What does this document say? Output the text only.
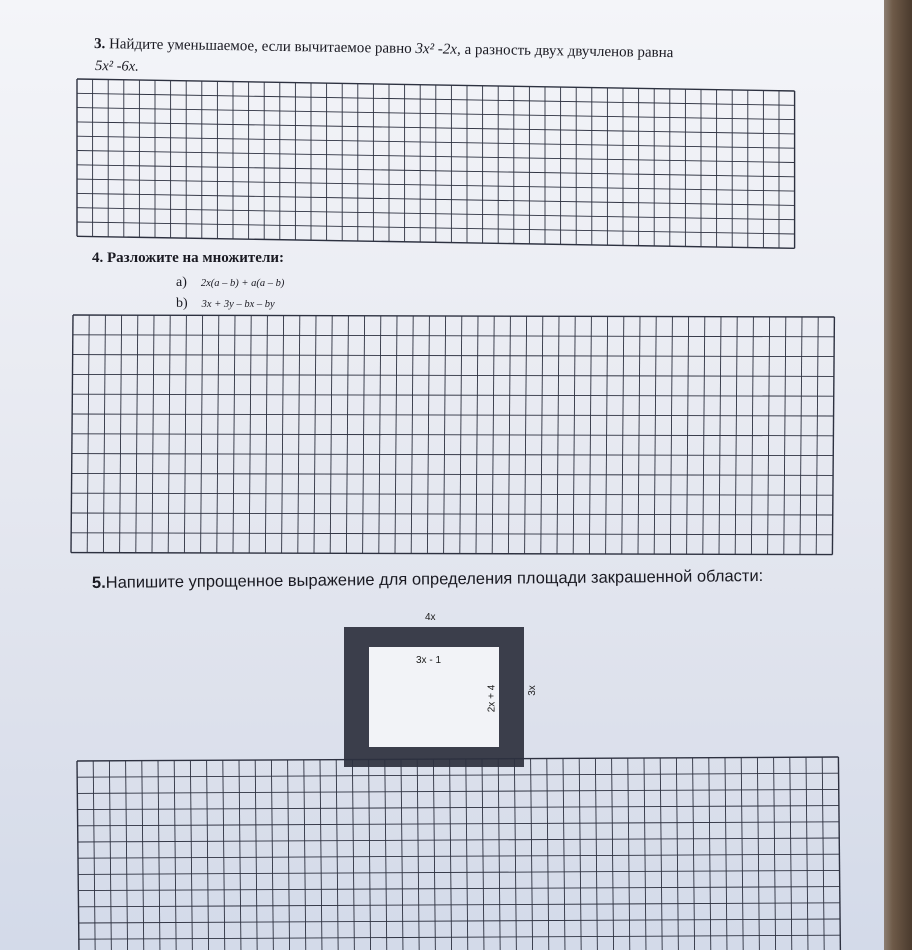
3. Найдите уменьшаемое, если вычитаемое равно 3x² -2x, а разность двух двучленов равна
5x² -6x.
4. Разложите на множители:
a) 2x(a – b) + a(a – b)
b) 3x + 3y – bx – by
5.Напишите упрощенное выражение для определения площади закрашенной области:
4x
3x - 1
2x + 4	3x
